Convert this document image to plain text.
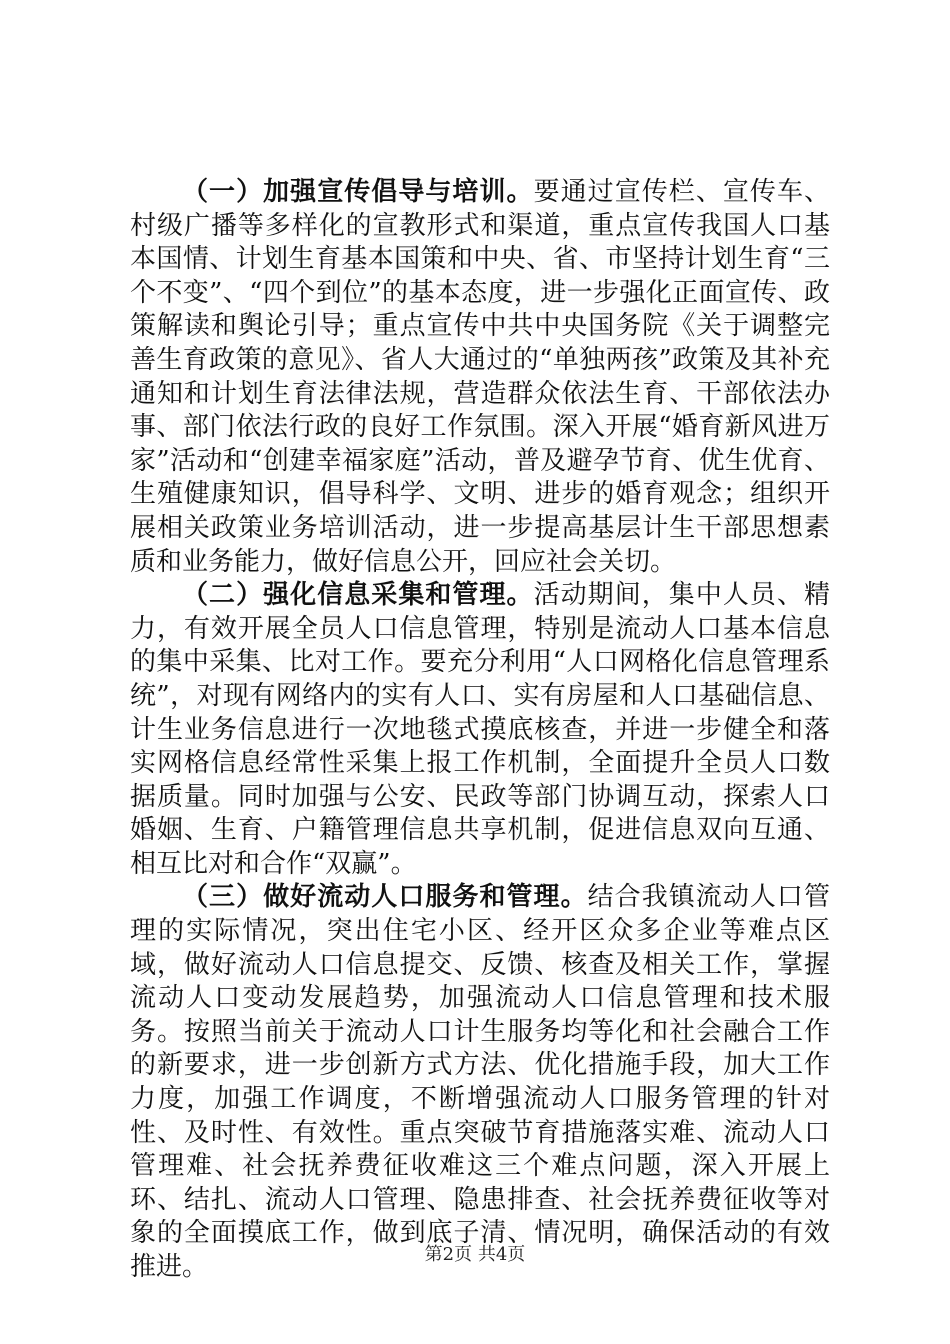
（一）加强宣传倡导与培训。要通过宣传栏、宣传车、村级广播等多样化的宣教形式和渠道，重点宣传我国人口基本国情、计划生育基本国策和中央、省、市坚持计划生育“三个不变”、“四个到位”的基本态度，进一步强化正面宣传、政策解读和舆论引导；重点宣传中共中央国务院《关于调整完善生育政策的意见》、省人大通过的“单独两孩”政策及其补充通知和计划生育法律法规，营造群众依法生育、干部依法办事、部门依法行政的良好工作氛围。深入开展“婚育新风进万家”活动和“创建幸福家庭”活动，普及避孕节育、优生优育、生殖健康知识，倡导科学、文明、进步的婚育观念；组织开展相关政策业务培训活动，进一步提高基层计生干部思想素质和业务能力，做好信息公开，回应社会关切。

（二）强化信息采集和管理。活动期间，集中人员、精力，有效开展全员人口信息管理，特别是流动人口基本信息的集中采集、比对工作。要充分利用“人口网格化信息管理系统”，对现有网络内的实有人口、实有房屋和人口基础信息、计生业务信息进行一次地毯式摸底核查，并进一步健全和落实网格信息经常性采集上报工作机制，全面提升全员人口数据质量。同时加强与公安、民政等部门协调互动，探索人口婚姻、生育、户籍管理信息共享机制，促进信息双向互通、相互比对和合作“双赢”。

（三）做好流动人口服务和管理。结合我镇流动人口管理的实际情况，突出住宅小区、经开区众多企业等难点区域，做好流动人口信息提交、反馈、核查及相关工作，掌握流动人口变动发展趋势，加强流动人口信息管理和技术服务。按照当前关于流动人口计生服务均等化和社会融合工作的新要求，进一步创新方式方法、优化措施手段，加大工作力度，加强工作调度，不断增强流动人口服务管理的针对性、及时性、有效性。重点突破节育措施落实难、流动人口管理难、社会抚养费征收难这三个难点问题，深入开展上环、结扎、流动人口管理、隐患排查、社会抚养费征收等对象的全面摸底工作，做到底子清、情况明，确保活动的有效推进。	第2页 共4页
